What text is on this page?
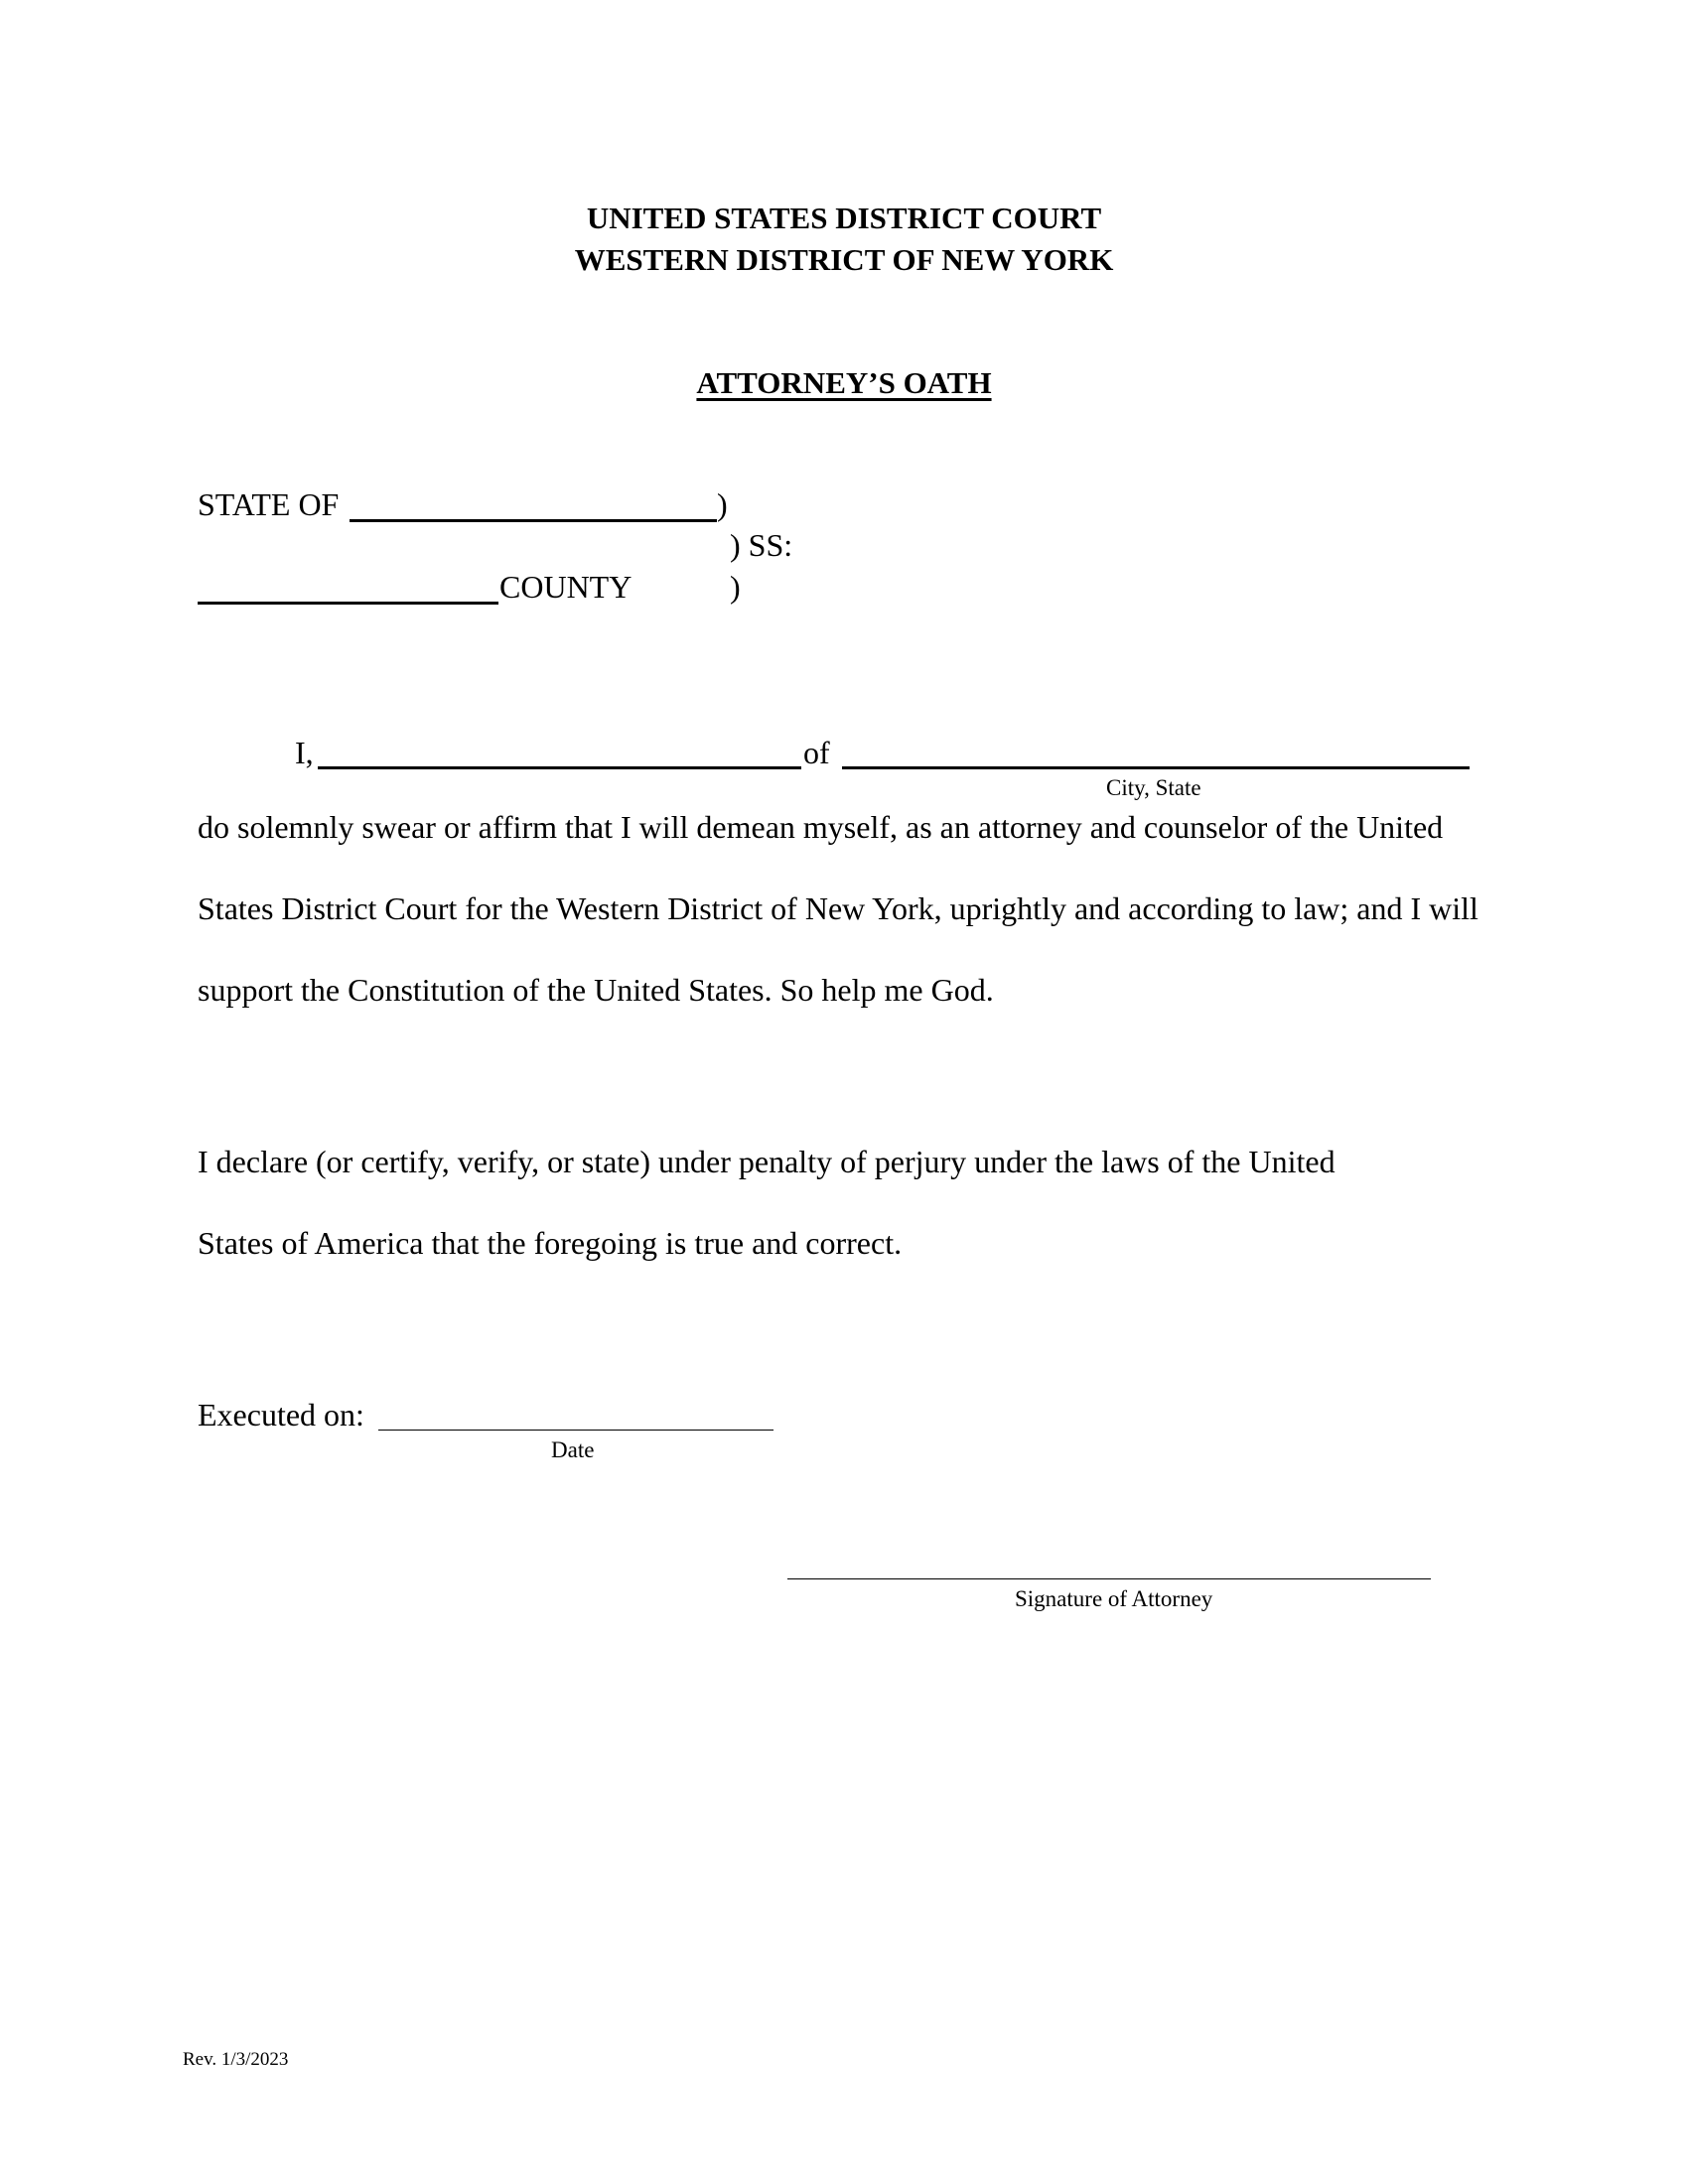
UNITED STATES DISTRICT COURT
WESTERN DISTRICT OF NEW YORK
ATTORNEY’S OATH
STATE OF	)
) SS:
COUNTY	)
I,	of
City, State
do solemnly swear or affirm that I will demean myself, as an attorney and counselor of the United
States District Court for the Western District of New York, uprightly and according to law; and I will
support the Constitution of the United States. So help me God.
I declare (or certify, verify, or state) under penalty of perjury under the laws of the United
States of America that the foregoing is true and correct.
Executed on:
Date
Signature of Attorney
Rev. 1/3/2023
